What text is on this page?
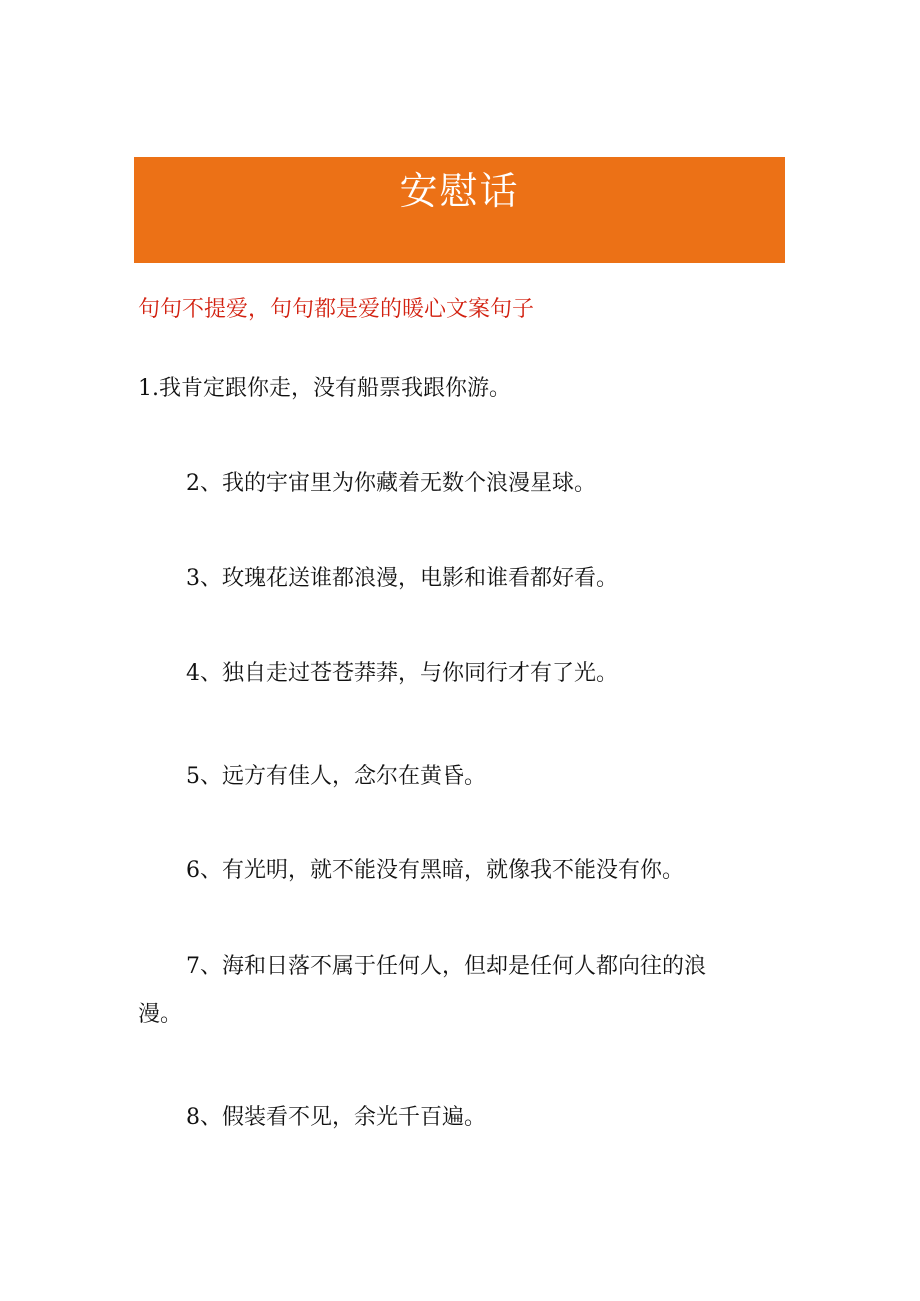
安慰话
句句不提爱，句句都是爱的暖心文案句子
1.我肯定跟你走，没有船票我跟你游。
2、我的宇宙里为你藏着无数个浪漫星球。
3、玫瑰花送谁都浪漫，电影和谁看都好看。
4、独自走过苍苍莽莽，与你同行才有了光。
5、远方有佳人，念尔在黄昏。
6、有光明，就不能没有黑暗，就像我不能没有你。
7、海和日落不属于任何人，但却是任何人都向往的浪
漫。
8、假装看不见，余光千百遍。
